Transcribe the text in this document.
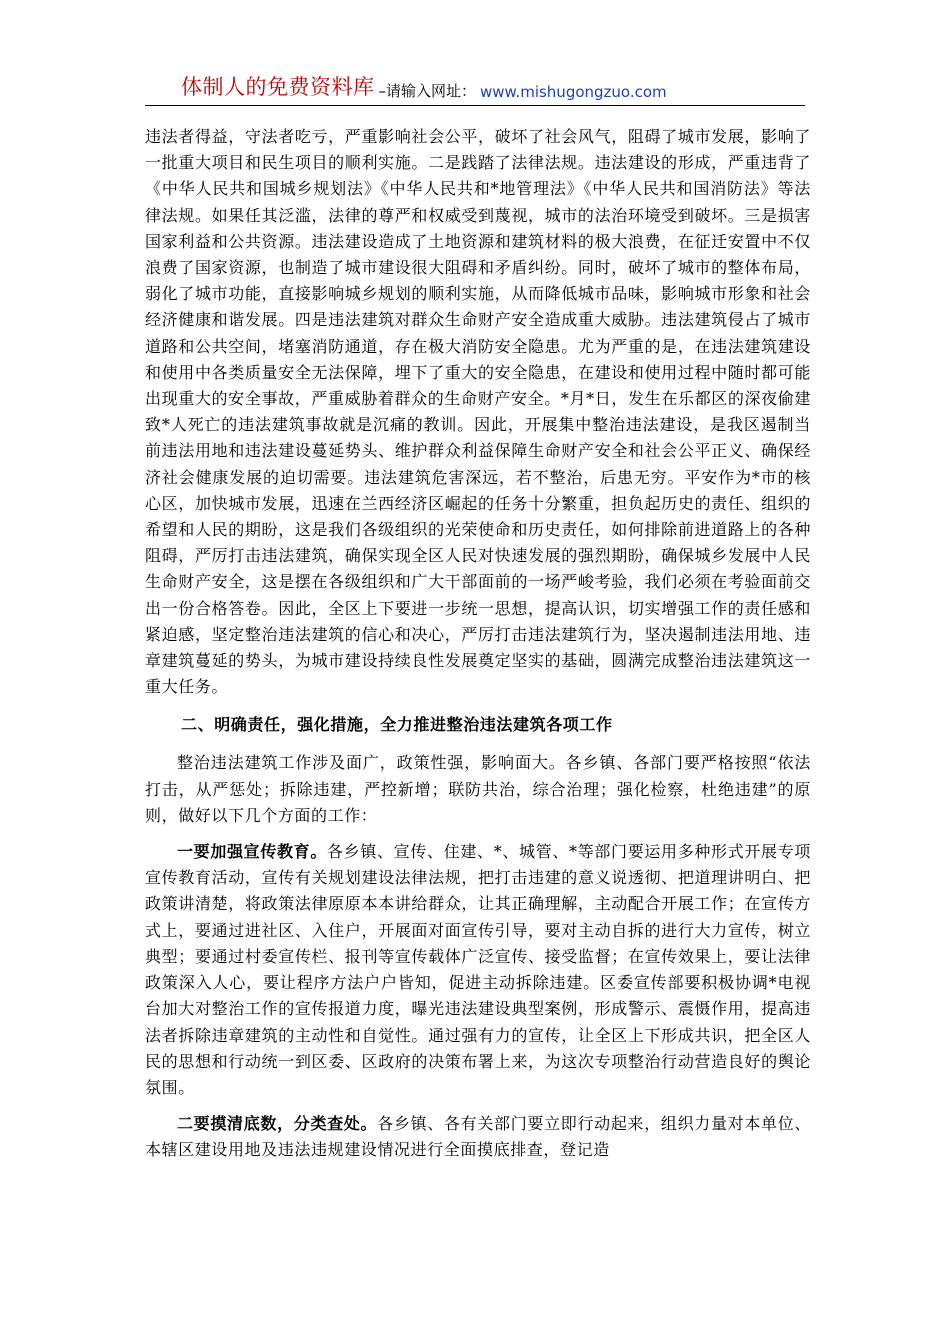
体制人的免费资料库 –请输入网址： www.mishugongzuo.com

违法者得益，守法者吃亏，严重影响社会公平，破坏了社会风气，阻碍了城市发展，影响了一批重大项目和民生项目的顺利实施。二是践踏了法律法规。违法建设的形成，严重违背了《中华人民共和国城乡规划法》《中华人民共和*地管理法》《中华人民共和国消防法》等法律法规。如果任其泛滥，法律的尊严和权威受到蔑视，城市的法治环境受到破坏。三是损害国家利益和公共资源。违法建设造成了土地资源和建筑材料的极大浪费，在征迁安置中不仅浪费了国家资源，也制造了城市建设很大阻碍和矛盾纠纷。同时，破坏了城市的整体布局，弱化了城市功能，直接影响城乡规划的顺利实施，从而降低城市品味，影响城市形象和社会经济健康和谐发展。四是违法建筑对群众生命财产安全造成重大威胁。违法建筑侵占了城市道路和公共空间，堵塞消防通道，存在极大消防安全隐患。尤为严重的是，在违法建筑建设和使用中各类质量安全无法保障，埋下了重大的安全隐患，在建设和使用过程中随时都可能出现重大的安全事故，严重威胁着群众的生命财产安全。*月*日，发生在乐都区的深夜偷建致*人死亡的违法建筑事故就是沉痛的教训。因此，开展集中整治违法建设，是我区遏制当前违法用地和违法建设蔓延势头、维护群众利益保障生命财产安全和社会公平正义、确保经济社会健康发展的迫切需要。违法建筑危害深远，若不整治，后患无穷。平安作为*市的核心区，加快城市发展，迅速在兰西经济区崛起的任务十分繁重，担负起历史的责任、组织的希望和人民的期盼，这是我们各级组织的光荣使命和历史责任，如何排除前进道路上的各种阻碍，严厉打击违法建筑，确保实现全区人民对快速发展的强烈期盼，确保城乡发展中人民生命财产安全，这是摆在各级组织和广大干部面前的一场严峻考验，我们必须在考验面前交出一份合格答卷。因此，全区上下要进一步统一思想，提高认识，切实增强工作的责任感和紧迫感，坚定整治违法建筑的信心和决心，严厉打击违法建筑行为，坚决遏制违法用地、违章建筑蔓延的势头，为城市建设持续良性发展奠定坚实的基础，圆满完成整治违法建筑这一重大任务。

二、明确责任，强化措施，全力推进整治违法建筑各项工作

整治违法建筑工作涉及面广，政策性强，影响面大。各乡镇、各部门要严格按照“依法打击，从严惩处；拆除违建，严控新增；联防共治，综合治理；强化检察，杜绝违建”的原则，做好以下几个方面的工作：

一要加强宣传教育。各乡镇、宣传、住建、*、城管、*等部门要运用多种形式开展专项宣传教育活动，宣传有关规划建设法律法规，把打击违建的意义说透彻、把道理讲明白、把政策讲清楚，将政策法律原原本本讲给群众，让其正确理解，主动配合开展工作；在宣传方式上，要通过进社区、入住户，开展面对面宣传引导，要对主动自拆的进行大力宣传，树立典型；要通过村委宣传栏、报刊等宣传载体广泛宣传、接受监督；在宣传效果上，要让法律政策深入人心，要让程序方法户户皆知，促进主动拆除违建。区委宣传部要积极协调*电视台加大对整治工作的宣传报道力度，曝光违法建设典型案例，形成警示、震慑作用，提高违法者拆除违章建筑的主动性和自觉性。通过强有力的宣传，让全区上下形成共识，把全区人民的思想和行动统一到区委、区政府的决策布署上来，为这次专项整治行动营造良好的舆论氛围。

二要摸清底数，分类查处。各乡镇、各有关部门要立即行动起来，组织力量对本单位、本辖区建设用地及违法违规建设情况进行全面摸底排查，登记造
